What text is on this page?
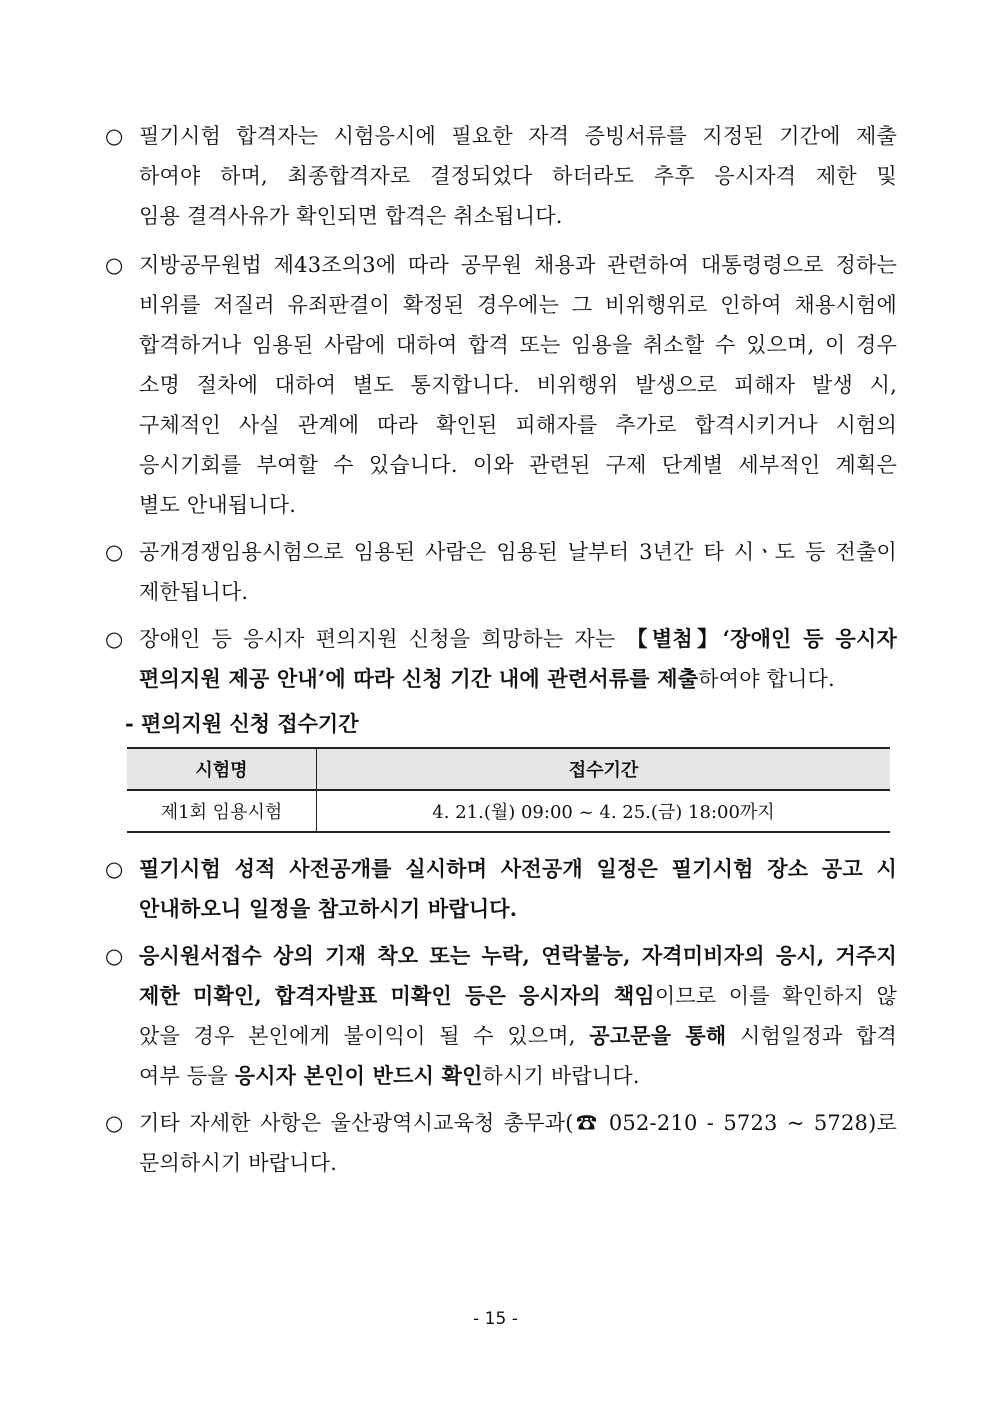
○ 필기시험 합격자는 시험응시에 필요한 자격 증빙서류를 지정된 기간에 제출
하여야 하며, 최종합격자로 결정되었다 하더라도 추후 응시자격 제한 및
임용 결격사유가 확인되면 합격은 취소됩니다.
○ 지방공무원법 제43조의3에 따라 공무원 채용과 관련하여 대통령령으로 정하는
비위를 저질러 유죄판결이 확정된 경우에는 그 비위행위로 인하여 채용시험에
합격하거나 임용된 사람에 대하여 합격 또는 임용을 취소할 수 있으며, 이 경우
소명 절차에 대하여 별도 통지합니다. 비위행위 발생으로 피해자 발생 시,
구체적인 사실 관계에 따라 확인된 피해자를 추가로 합격시키거나 시험의
응시기회를 부여할 수 있습니다. 이와 관련된 구제 단계별 세부적인 계획은
별도 안내됩니다.
○ 공개경쟁임용시험으로 임용된 사람은 임용된 날부터 3년간 타 시ㆍ도 등 전출이
제한됩니다.
○ 장애인 등 응시자 편의지원 신청을 희망하는 자는 【별첨】‘장애인 등 응시자
편의지원 제공 안내’에 따라 신청 기간 내에 관련서류를 제출하여야 합니다.
- 편의지원 신청 접수기간
시험명	접수기간
제1회 임용시험	4. 21.(월) 09:00 ~ 4. 25.(금) 18:00까지
○ 필기시험 성적 사전공개를 실시하며 사전공개 일정은 필기시험 장소 공고 시
안내하오니 일정을 참고하시기 바랍니다.
○ 응시원서접수 상의 기재 착오 또는 누락, 연락불능, 자격미비자의 응시, 거주지
제한 미확인, 합격자발표 미확인 등은 응시자의 책임이므로 이를 확인하지 않
았을 경우 본인에게 불이익이 될 수 있으며, 공고문을 통해 시험일정과 합격
여부 등을 응시자 본인이 반드시 확인하시기 바랍니다.
○ 기타 자세한 사항은 울산광역시교육청 총무과(☎ 052-210 - 5723 ~ 5728)로
문의하시기 바랍니다.
- 15 -
